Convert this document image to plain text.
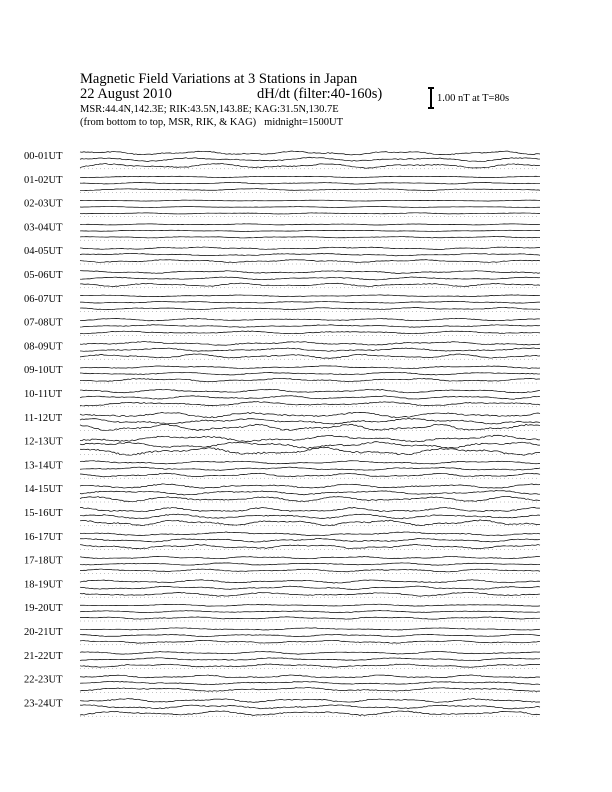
Magnetic Field Variations at 3 Stations in Japan
22 August 2010	dH/dt (filter:40-160s)
MSR:44.4N,142.3E; RIK:43.5N,143.8E; KAG:31.5N,130.7E
(from bottom to top, MSR, RIK, & KAG) midnight=1500UT
1.00 nT at T=80s
00-01UT
01-02UT
02-03UT
03-04UT
04-05UT
05-06UT
06-07UT
07-08UT
08-09UT
09-10UT
10-11UT
11-12UT
12-13UT
13-14UT
14-15UT
15-16UT
16-17UT
17-18UT
18-19UT
19-20UT
20-21UT
21-22UT
22-23UT
23-24UT
